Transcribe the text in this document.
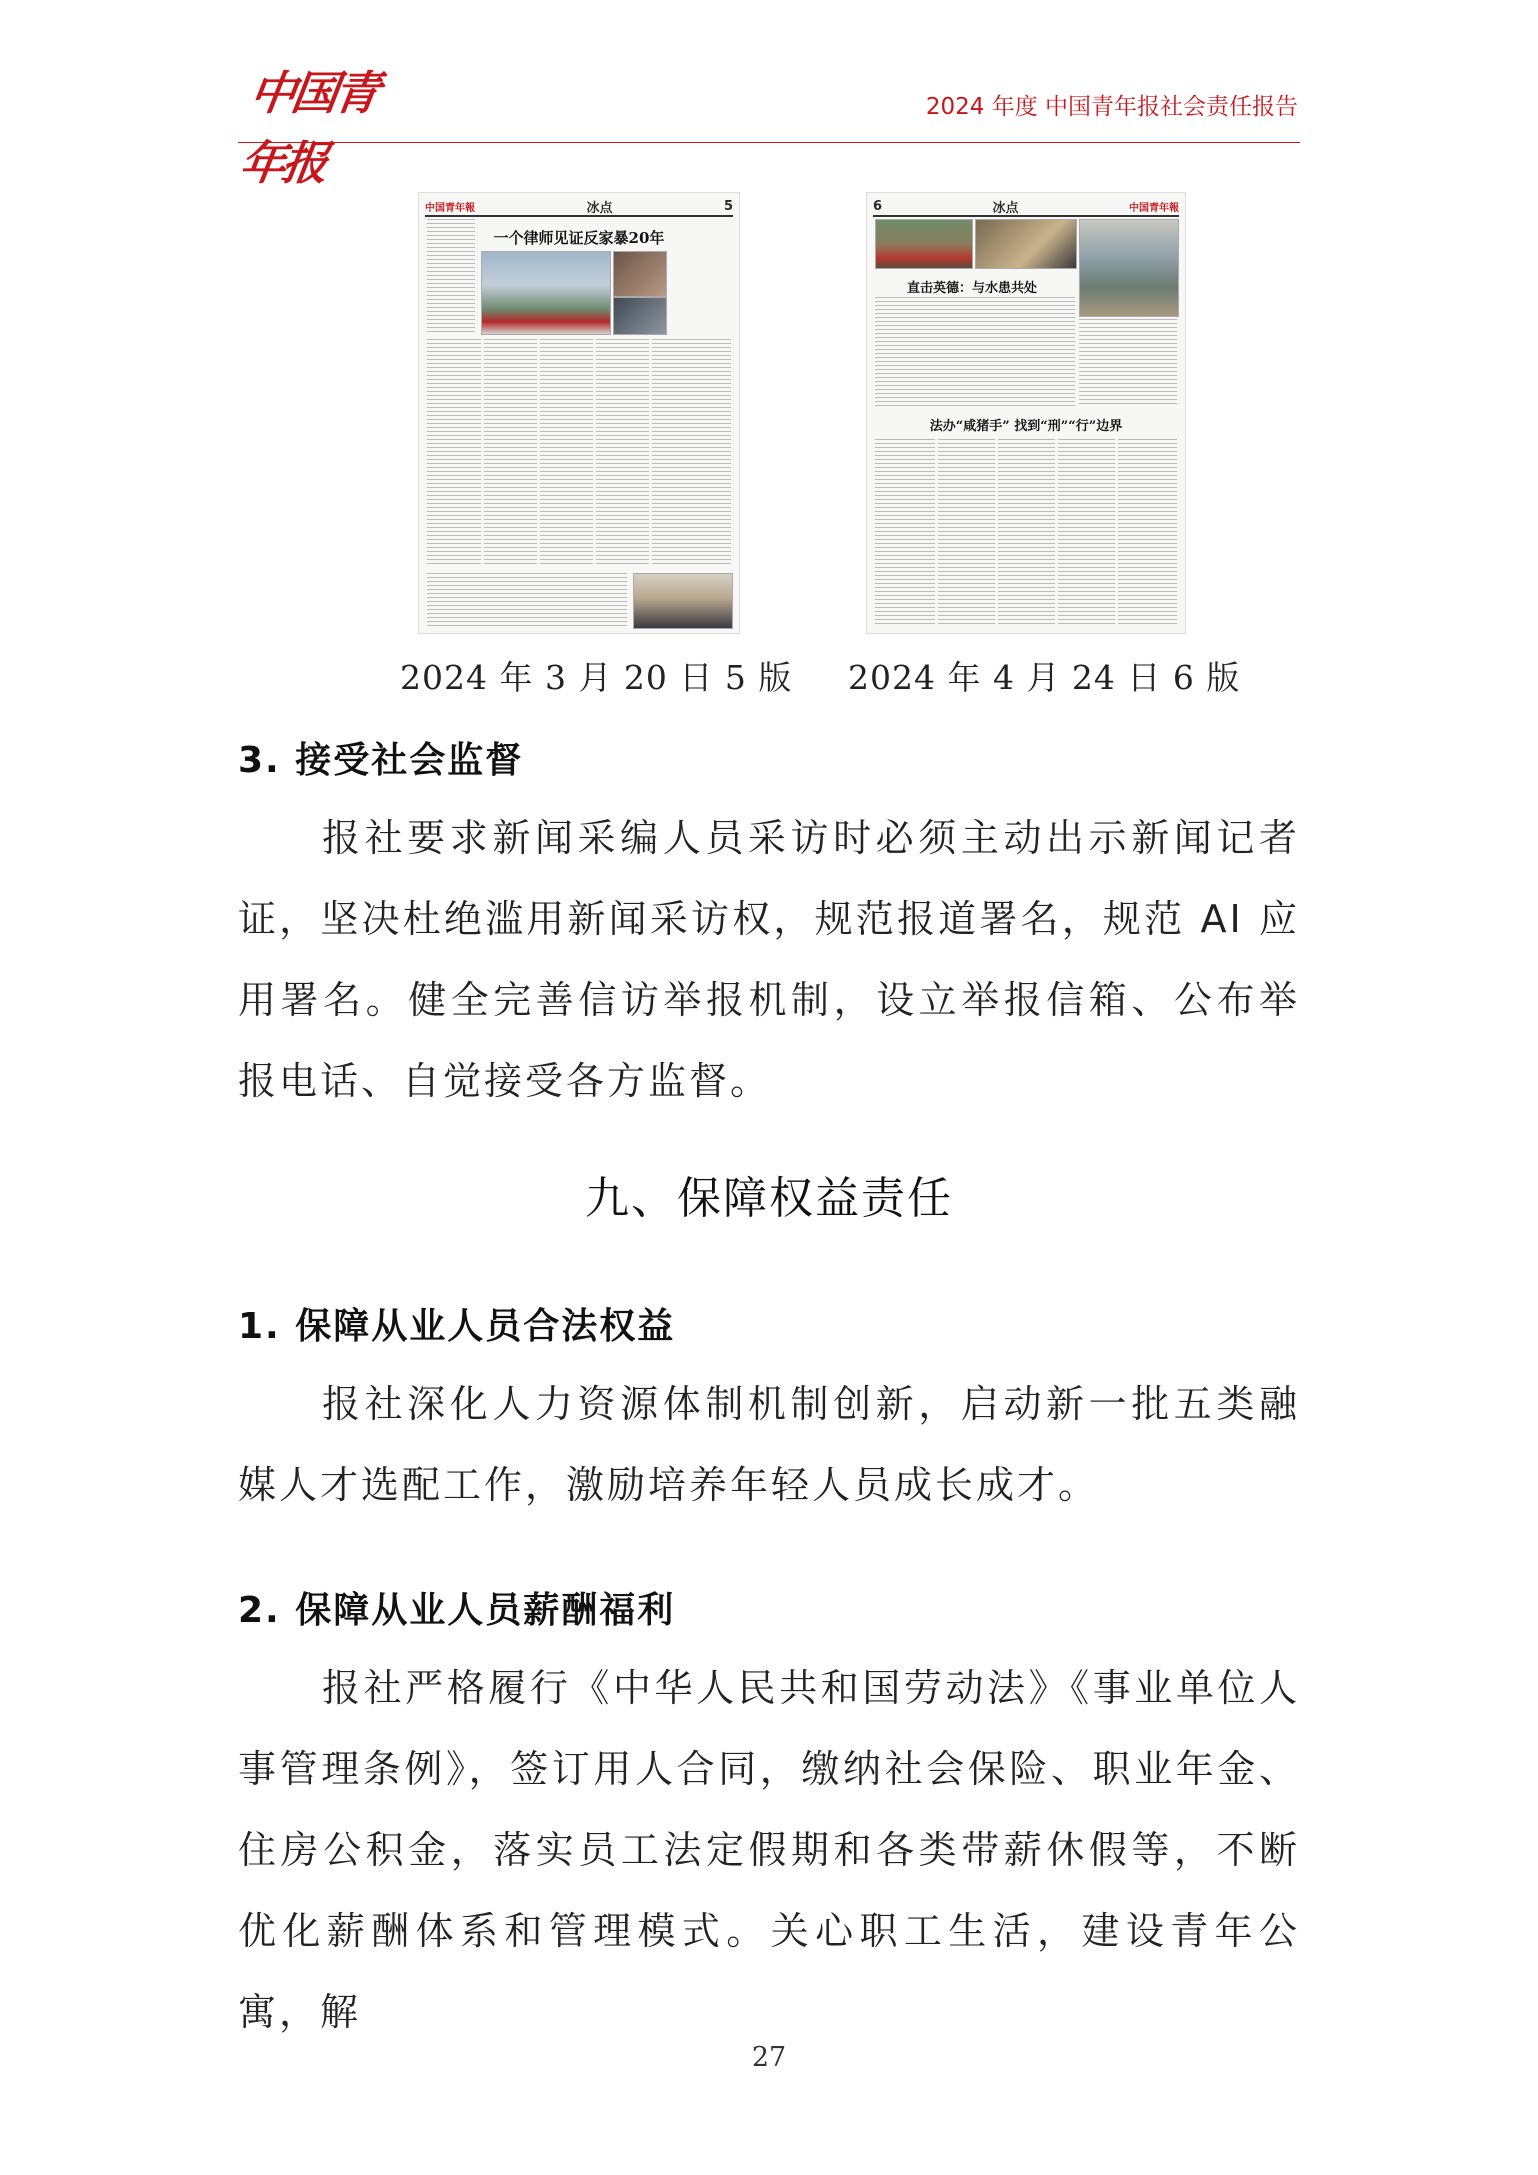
中国青年报
2024 年度 中国青年报社会责任报告
中国青年報	冰点	5
一个律师见证反家暴20年
6	冰点	中国青年報
直击英德：与水患共处
法办“咸猪手” 找到“刑”“行”边界
2024 年 3 月 20 日 5 版 2024 年 4 月 24 日 6 版
3. 接受社会监督
报社要求新闻采编人员采访时必须主动出示新闻记者证，坚决杜绝滥用新闻采访权，规范报道署名，规范 AI 应用署名。健全完善信访举报机制，设立举报信箱、公布举报电话、自觉接受各方监督。
九、保障权益责任
1. 保障从业人员合法权益
报社深化人力资源体制机制创新，启动新一批五类融媒人才选配工作，激励培养年轻人员成长成才。
2. 保障从业人员薪酬福利
报社严格履行《中华人民共和国劳动法》《事业单位人事管理条例》，签订用人合同，缴纳社会保险、职业年金、住房公积金，落实员工法定假期和各类带薪休假等，不断优化薪酬体系和管理模式。关心职工生活，建设青年公寓，解
27
